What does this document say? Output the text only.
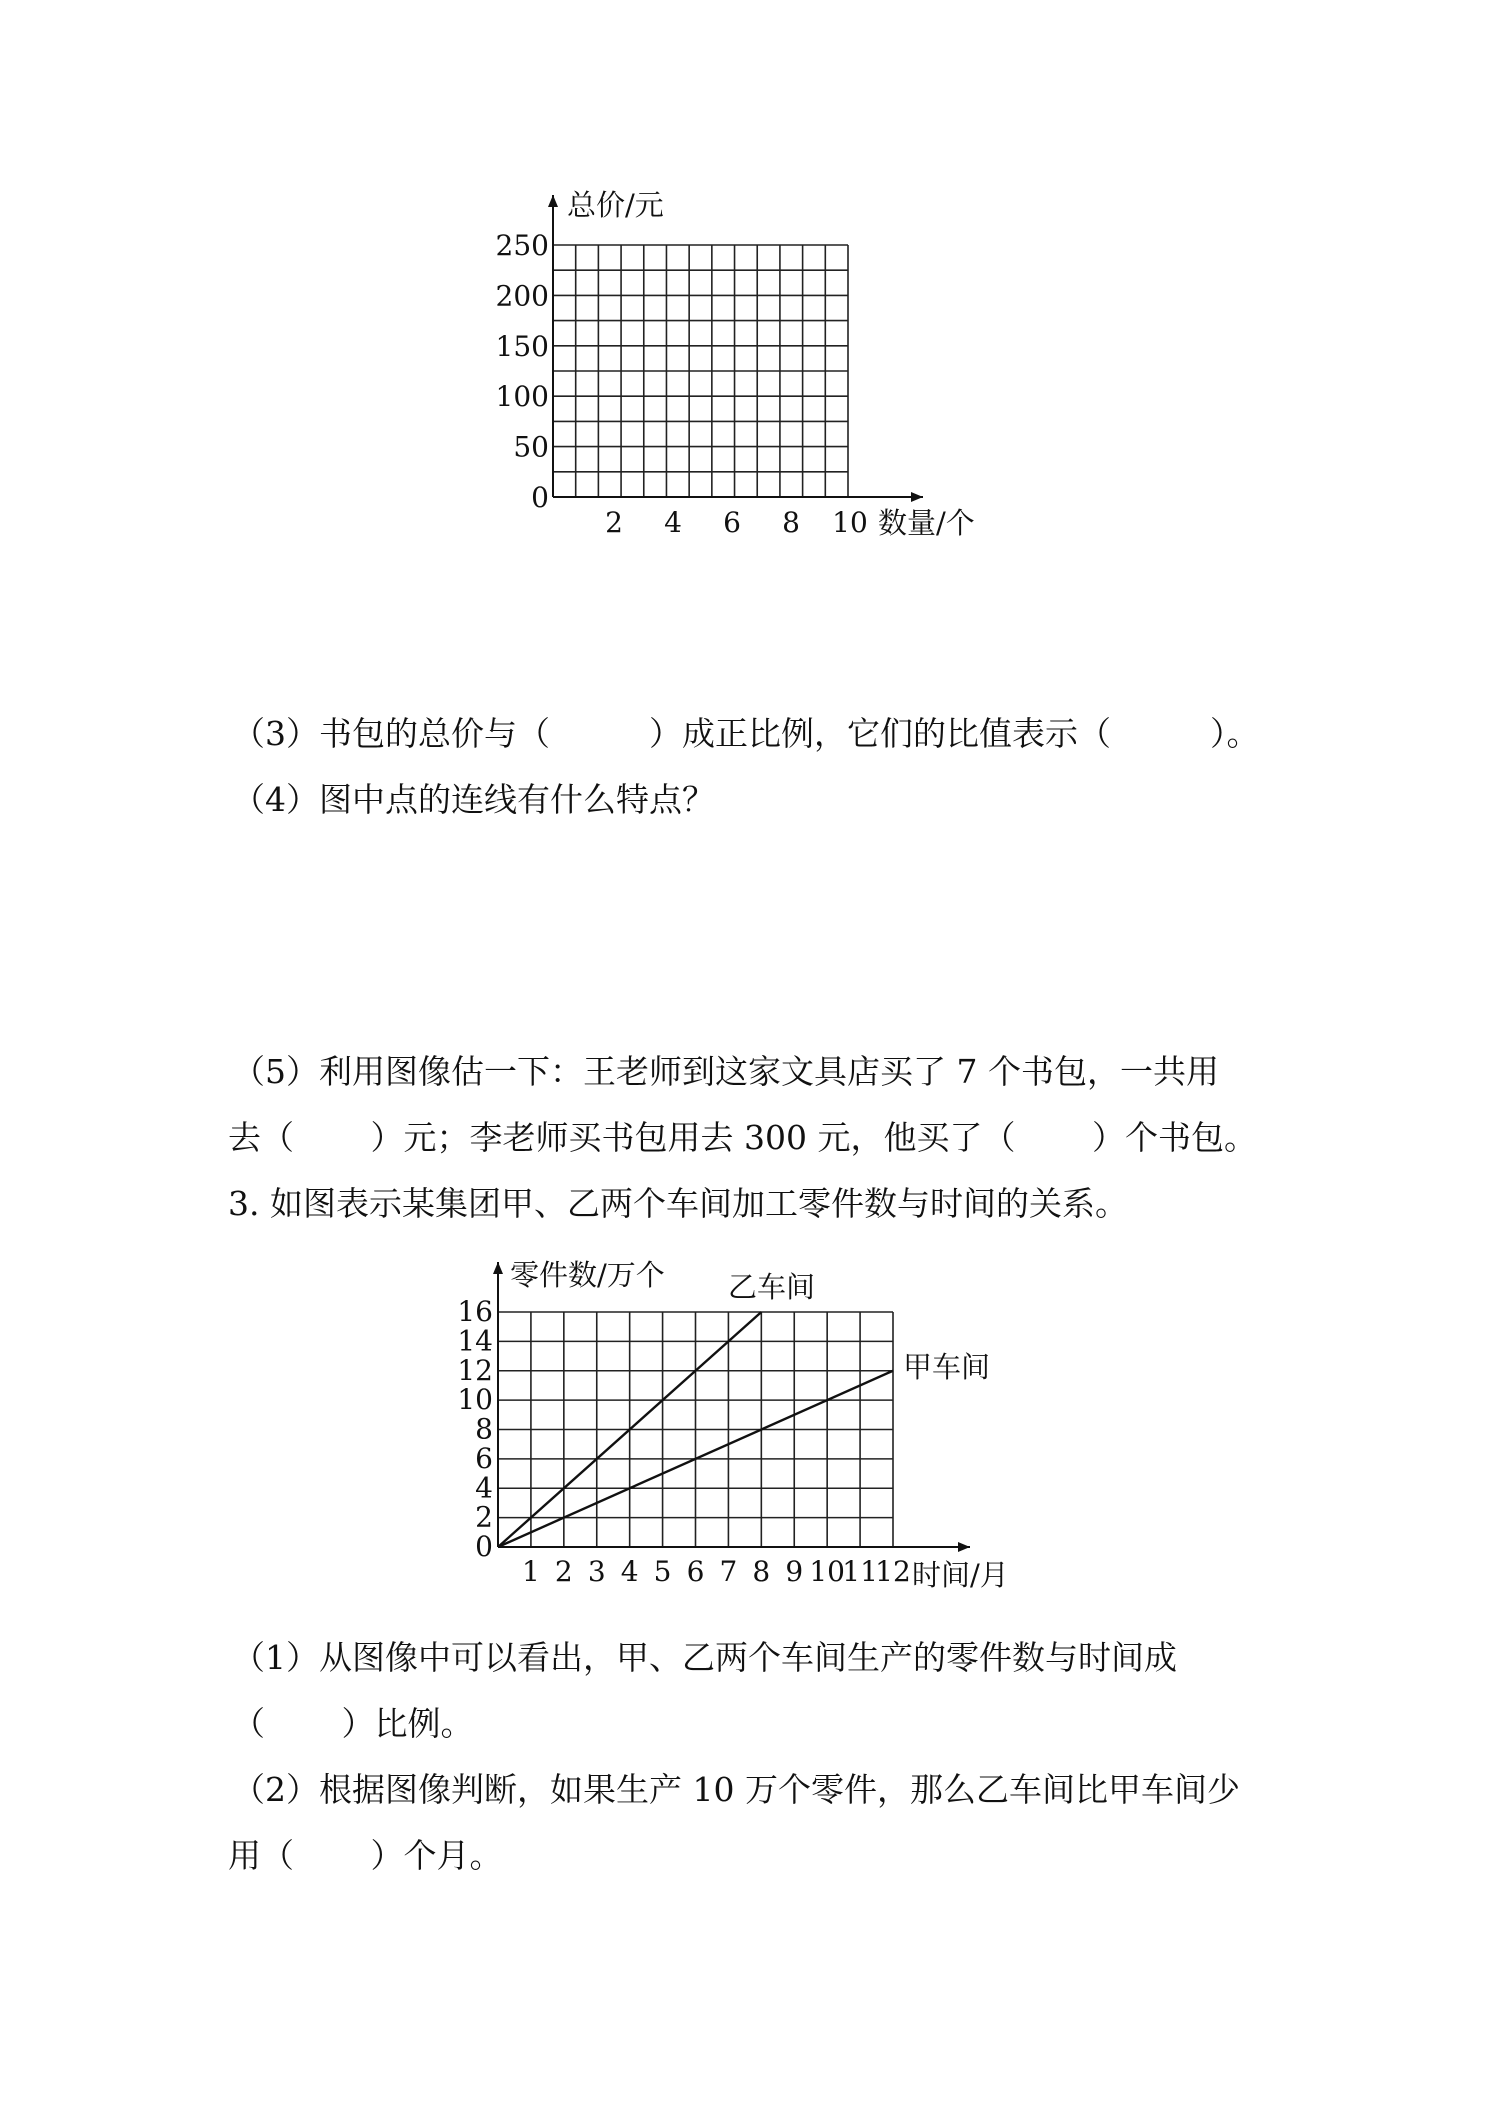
0
50
100
150
200
250
2 4 6 8 10
总价/元
数量/个
（3）书包的总价与（　　　）成正比例，它们的比值表示（　　　）。
（4）图中点的连线有什么特点？
（5）利用图像估一下：王老师到这家文具店买了 7 个书包，一共用
去（　　 ）元；李老师买书包用去 300 元，他买了（　　 ）个书包。
3. 如图表示某集团甲、乙两个车间加工零件数与时间的关系。
0
2
4
6
8
10
12
14
16
1 2 3 4 5 6 7 8 9 10
11
12
零件数/万个
时间/月
乙车间
甲车间
（1）从图像中可以看出，甲、乙两个车间生产的零件数与时间成
（　　 ）比例。
（2）根据图像判断，如果生产 10 万个零件，那么乙车间比甲车间少
用（　　 ）个月。
